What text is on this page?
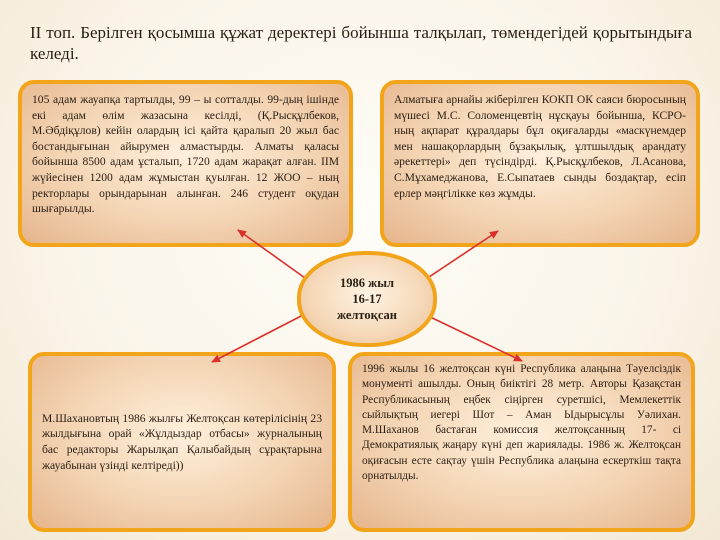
ІІ топ. Берілген қосымша құжат деректері бойынша талқылап, төмендегідей қорытындыға келеді.
105 адам жауапқа тартылды, 99 – ы сотталды. 99-дың ішінде екі адам өлім жазасына кесілді, (Қ.Рысқұлбеков, М.Әбдіқұлов) кейін олардың ісі қайта қаралып 20 жыл бас бостандығынан айырумен алмастырды. Алматы қаласы бойынша 8500 адам ұсталып, 1720 адам жарақат алған. ІІМ жүйесінен 1200 адам жұмыстан қуылған. 12 ЖОО – ның ректорлары орындарынан алынған. 246 студент оқудан шығарылды.
Алматыға арнайы жіберілген КОКП ОК саяси бюросының мүшесі М.С. Соломенцевтің нұсқауы бойынша, КСРО-ның ақпарат құралдары бұл оқиғаларды «маскүнемдер мен нашақорлардың бұзақылық, ұлтшылдық арандату әрекеттері» деп түсіндірді. Қ.Рысқұлбеков, Л.Асанова, С.Мұхамеджанова, Е.Сыпатаев сынды боздақтар, есіп ерлер мәңгілікке көз жұмды.
М.Шахановтың 1986 жылғы Желтоқсан көтерілісінің 23 жылдығына орай «Жұлдыздар отбасы» журналының бас редакторы Жарылқап Қалыбайдың сұрақтарына жауабынан үзінді келтіреді))
1996 жылы 16 желтоқсан күні Республика алаңына Тәуелсіздік монументі ашылды. Оның биіктігі 28 метр. Авторы Қазақстан Республикасының еңбек сіңірген суретшісі, Мемлекеттік сыйлықтың иегері Шот – Аман Ыдырысұлы Уәлихан. М.Шаханов бастаған комиссия желтоқсанның 17- сі Демократиялық жаңару күні деп жариялады. 1986 ж. Желтоқсан оқиғасын есте сақтау үшін Республика алаңына ескерткіш тақта орнатылды.
1986 жыл
16-17
желтоқсан
